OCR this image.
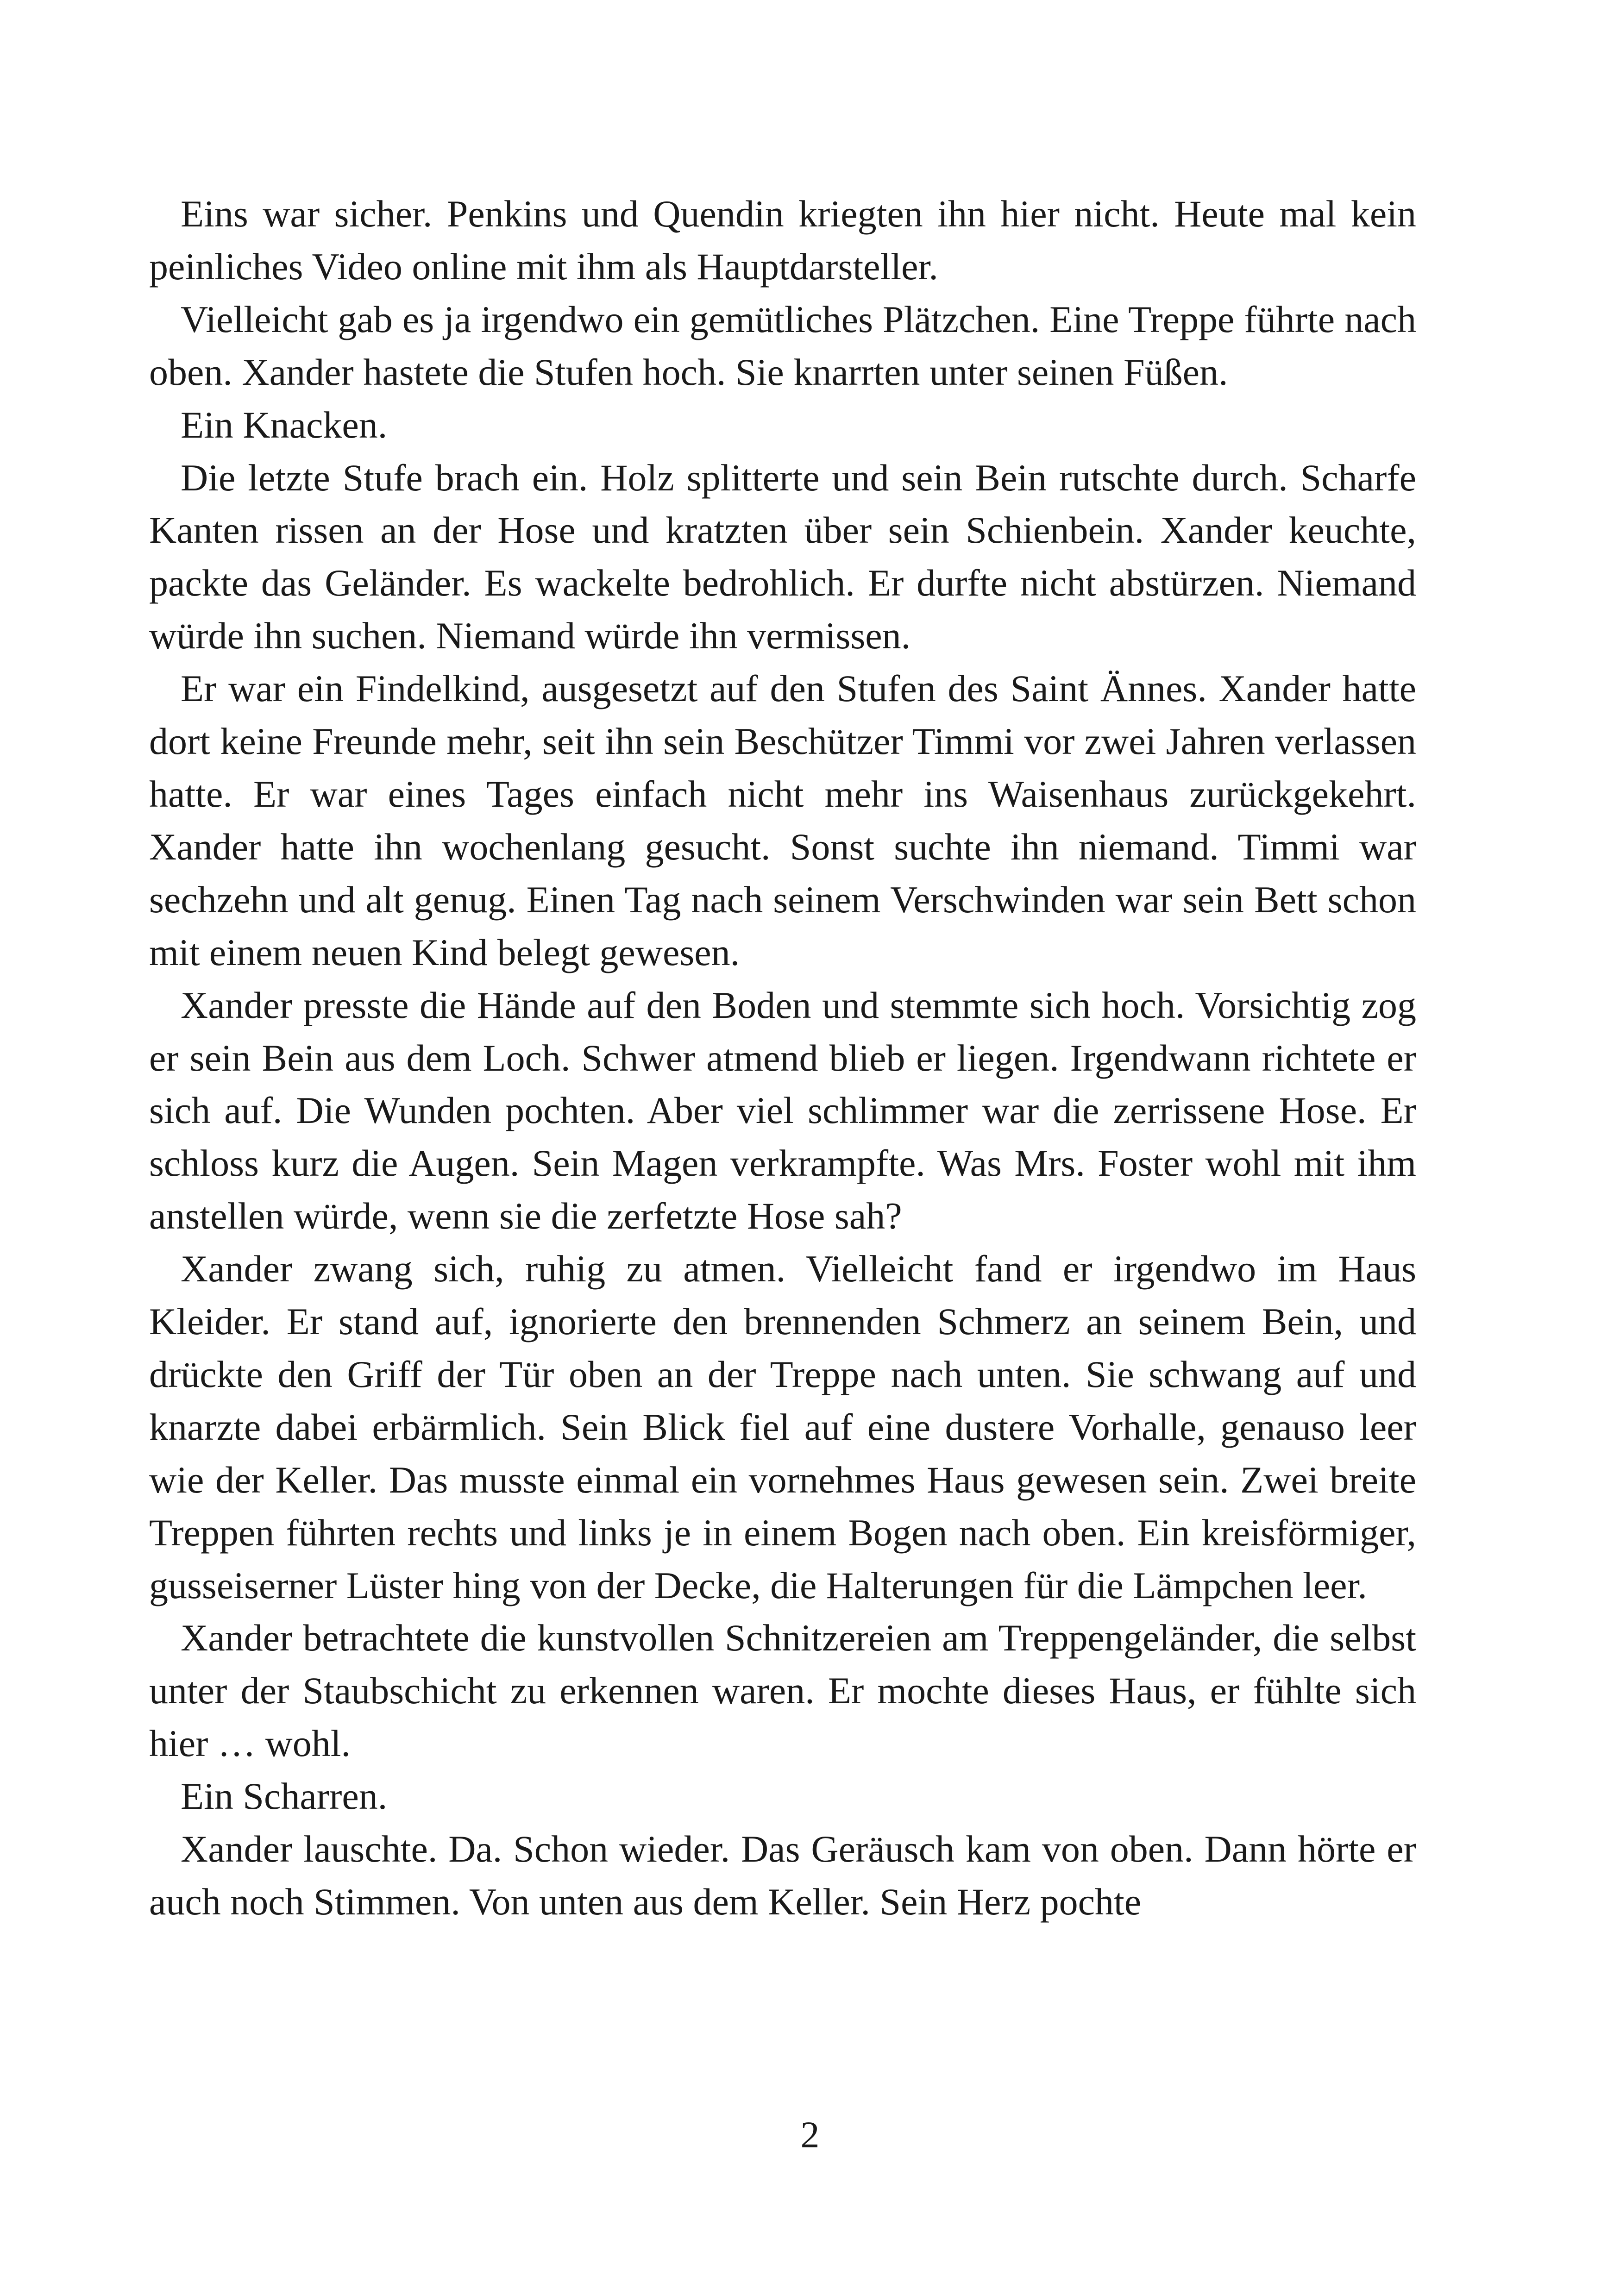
Eins war sicher. Penkins und Quendin kriegten ihn hier nicht. Heute mal kein peinliches Video online mit ihm als Hauptdarsteller.

Vielleicht gab es ja irgendwo ein gemütliches Plätzchen. Eine Treppe führte nach oben. Xander hastete die Stufen hoch. Sie knarrten unter seinen Füßen.

Ein Knacken.

Die letzte Stufe brach ein. Holz splitterte und sein Bein rutschte durch. Scharfe Kanten rissen an der Hose und kratzten über sein Schienbein. Xander keuchte, packte das Geländer. Es wackelte bedrohlich. Er durfte nicht abstürzen. Niemand würde ihn suchen. Niemand würde ihn vermissen.

Er war ein Findelkind, ausgesetzt auf den Stufen des Saint Ännes. Xander hatte dort keine Freunde mehr, seit ihn sein Beschützer Timmi vor zwei Jahren verlassen hatte. Er war eines Tages einfach nicht mehr ins Waisenhaus zurückgekehrt. Xander hatte ihn wochenlang gesucht. Sonst suchte ihn niemand. Timmi war sechzehn und alt genug. Einen Tag nach seinem Verschwinden war sein Bett schon mit einem neuen Kind belegt gewesen.

Xander presste die Hände auf den Boden und stemmte sich hoch. Vorsichtig zog er sein Bein aus dem Loch. Schwer atmend blieb er liegen. Irgendwann richtete er sich auf. Die Wunden pochten. Aber viel schlimmer war die zerrissene Hose. Er schloss kurz die Augen. Sein Magen verkrampfte. Was Mrs. Foster wohl mit ihm anstellen würde, wenn sie die zerfetzte Hose sah?

Xander zwang sich, ruhig zu atmen. Vielleicht fand er irgendwo im Haus Kleider. Er stand auf, ignorierte den brennenden Schmerz an seinem Bein, und drückte den Griff der Tür oben an der Treppe nach unten. Sie schwang auf und knarzte dabei erbärmlich. Sein Blick fiel auf eine dustere Vorhalle, genauso leer wie der Keller. Das musste einmal ein vornehmes Haus gewesen sein. Zwei breite Treppen führten rechts und links je in einem Bogen nach oben. Ein kreisförmiger, gusseiserner Lüster hing von der Decke, die Halterungen für die Lämpchen leer.

Xander betrachtete die kunstvollen Schnitzereien am Treppengeländer, die selbst unter der Staubschicht zu erkennen waren. Er mochte dieses Haus, er fühlte sich hier … wohl.

Ein Scharren.

Xander lauschte. Da. Schon wieder. Das Geräusch kam von oben. Dann hörte er auch noch Stimmen. Von unten aus dem Keller. Sein Herz pochte

2
